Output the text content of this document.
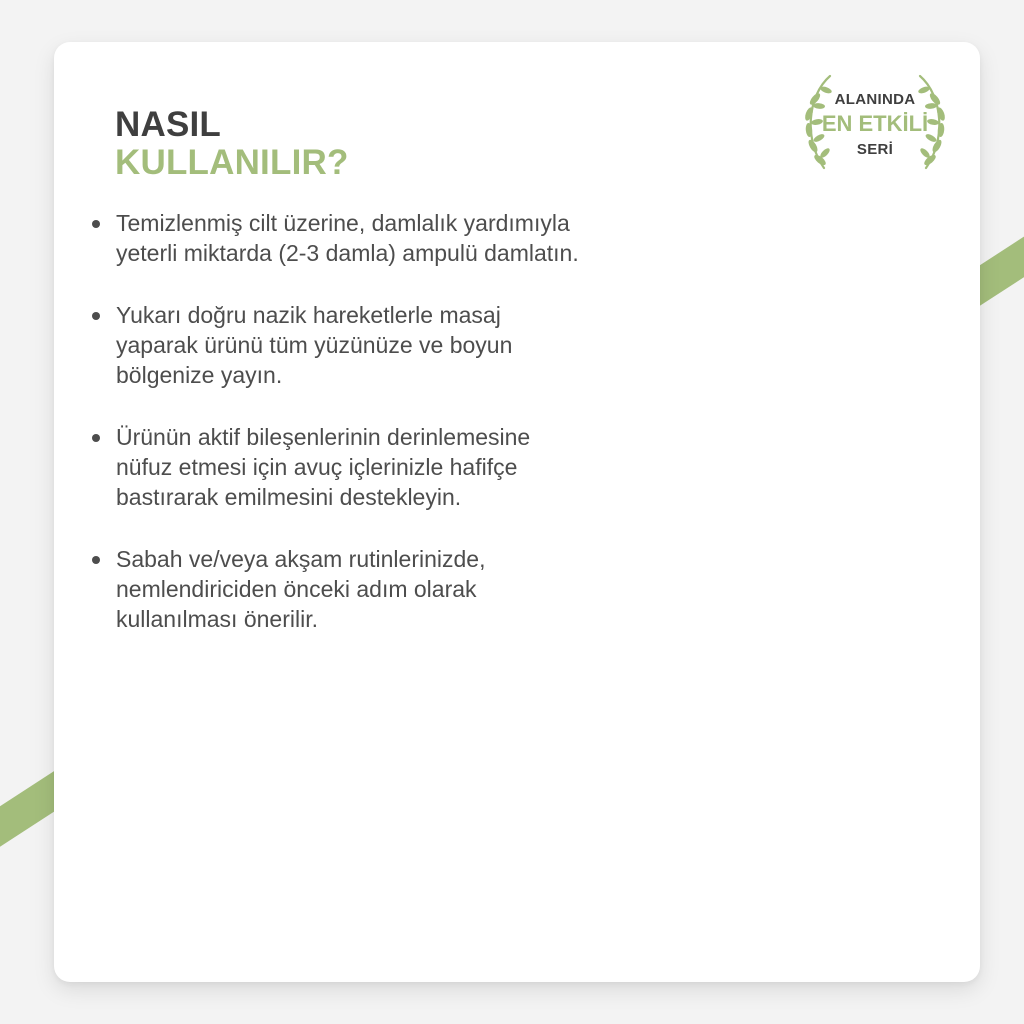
NASIL
KULLANILIR?
ALANINDA
EN ETKİLİ
SERİ
Temizlenmiş cilt üzerine, damlalık yardımıyla yeterli miktarda (2-3 damla) ampulü damlatın.
Yukarı doğru nazik hareketlerle masaj yaparak ürünü tüm yüzünüze ve boyun bölgenize yayın.
Ürünün aktif bileşenlerinin derinlemesine nüfuz etmesi için avuç içlerinizle hafifçe bastırarak emilmesini destekleyin.
Sabah ve/veya akşam rutinlerinizde, nemlendiriciden önceki adım olarak kullanılması önerilir.
